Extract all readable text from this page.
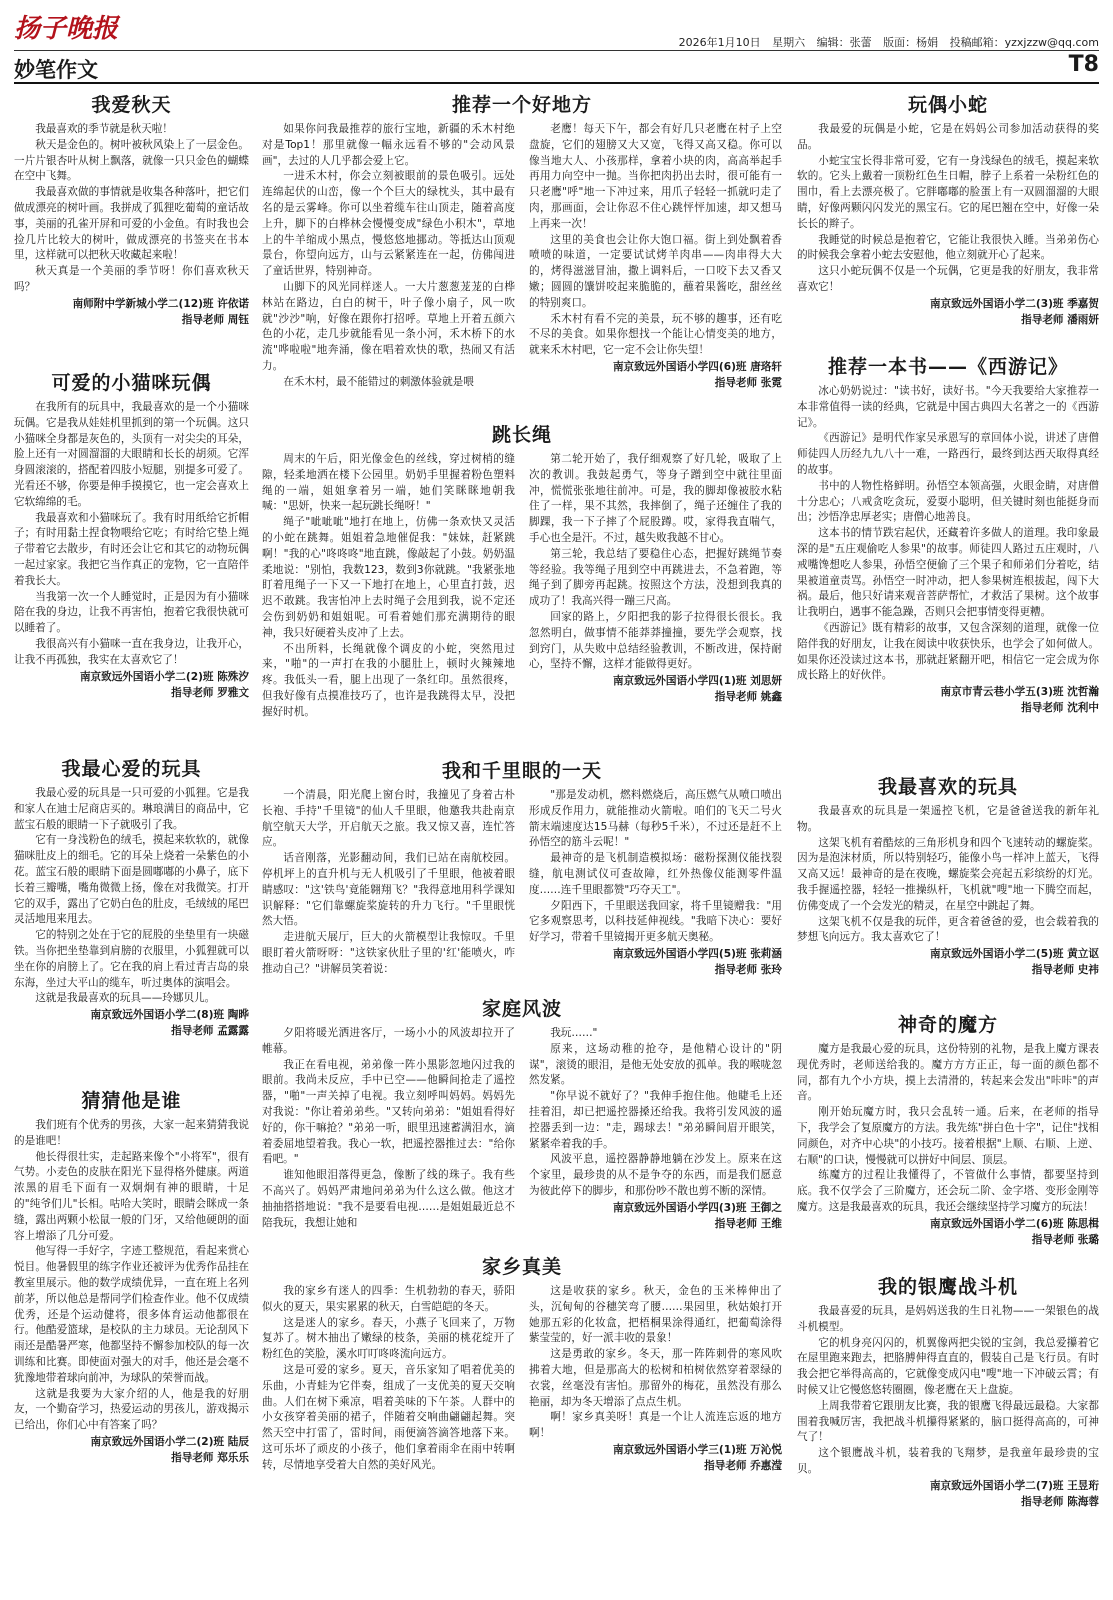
扬子晚报	2026年1月10日 星期六 编辑：张蕾 版面：杨娟 投稿邮箱：yzxjzzw@qq.com
妙笔作文	T8
我爱秋天

我最喜欢的季节就是秋天啦！

秋天是金色的。树叶被秋风染上了一层金色。一片片银杏叶从树上飘落，就像一只只金色的蝴蝶在空中飞舞。

我最喜欢做的事情就是收集各种落叶，把它们做成漂亮的树叶画。我拼成了狐狸吃葡萄的童话故事，美丽的孔雀开屏和可爱的小金鱼。有时我也会捡几片比较大的树叶，做成漂亮的书签夹在书本里，这样就可以把秋天收藏起来啦！

秋天真是一个美丽的季节呀！你们喜欢秋天吗？

南师附中学新城小学二(12)班 许依诺
指导老师 周钰
可爱的小猫咪玩偶

在我所有的玩具中，我最喜欢的是一个小猫咪玩偶。它是我从娃娃机里抓到的第一个玩偶。这只小猫咪全身都是灰色的，头顶有一对尖尖的耳朵，脸上还有一对圆溜溜的大眼睛和长长的胡须。它浑身圆滚滚的，搭配着四肢小短腿，别提多可爱了。光看还不够，你要是伸手摸摸它，也一定会喜欢上它软绵绵的毛。

我最喜欢和小猫咪玩了。我有时用纸给它折帽子；有时用黏土捏食物喂给它吃；有时给它垫上绳子带着它去散步，有时还会让它和其它的动物玩偶一起过家家。我把它当作真正的宠物，它一直陪伴着我长大。

当我第一次一个人睡觉时，正是因为有小猫咪陪在我的身边，让我不再害怕，抱着它我很快就可以睡着了。

我很高兴有小猫咪一直在我身边，让我开心，让我不再孤独，我实在太喜欢它了！

南京致远外国语小学二(2)班 陈殊汐
指导老师 罗雅文
我最心爱的玩具

我最心爱的玩具是一只可爱的小狐狸。它是我和家人在迪士尼商店买的。琳琅满目的商品中，它蓝宝石般的眼睛一下子就吸引了我。

它有一身浅粉色的绒毛，摸起来软软的，就像猫咪肚皮上的细毛。它的耳朵上烧着一朵紫色的小花。蓝宝石般的眼睛下面是圆嘟嘟的小鼻子，底下长着三瓣嘴，嘴角微微上扬，像在对我微笑。打开它的双手，露出了它奶白色的肚皮，毛绒绒的尾巴灵活地甩来甩去。

它的特别之处在于它的屁股的坐垫里有一块磁铁。当你把坐垫靠到肩膀的衣服里，小狐狸就可以坐在你的肩膀上了。它在我的肩上看过青吉岛的泉东海，坐过大平山的缆车，听过奥体的演唱会。

这就是我最喜欢的玩具——玲娜贝儿。

南京致远外国语小学二(8)班 陶晔
指导老师 孟露露
猜猜他是谁

我们班有个优秀的男孩，大家一起来猜猜我说的是谁吧！

他长得很壮实，走起路来像个"小将军"，很有气势。小麦色的皮肤在阳光下显得格外健康。两道浓黑的眉毛下面有一双炯炯有神的眼睛，十足的"纯爷们儿"长相。咕哈大笑时，眼睛会眯成一条缝，露出两颗小松鼠一般的门牙，又给他硬朗的面容上增添了几分可爱。

他写得一手好字，字迹工整规范，看起来赏心悦目。他暑假里的练字作业还被评为优秀作品挂在教室里展示。他的数学成绩优异，一直在班上名列前茅，所以他总是帮同学们检查作业。他不仅成绩优秀，还是个运动健将，很多体育运动他都很在行。他酷爱篮球，是校队的主力球员。无论刮风下雨还是酷暑严寒，他都坚持不懈参加校队的每一次训练和比赛。即使面对强大的对手，他还是会毫不犹豫地带着球向前冲，为球队的荣誉而战。

这就是我要为大家介绍的人，他是我的好朋友，一个勤奋学习，热爱运动的男孩儿，游戏揭示已给出，你们心中有答案了吗？

南京致远外国语小学二(2)班 陆辰
指导老师 郑乐乐
推荐一个好地方

如果你问我最推荐的旅行宝地，新疆的禾木村绝对是Top1！那里就像一幅永远看不够的"会动风景画"，去过的人几乎都会爱上它。

一进禾木村，你会立刻被眼前的景色吸引。远处连绵起伏的山峦，像一个个巨大的绿枕头，其中最有名的是云雾峰。你可以坐着缆车往山顶走，随着高度上升，脚下的白桦林会慢慢变成"绿色小积木"，草地上的牛羊缩成小黑点，慢悠悠地挪动。等抵达山顶观景台，你望向远方，山与云紧紧连在一起，仿佛闯进了童话世界，特别神奇。

山脚下的风光同样迷人。一大片葱葱茏茏的白桦林站在路边，白白的树干，叶子像小扇子，风一吹就"沙沙"响，好像在跟你打招呼。草地上开着五颜六色的小花，走几步就能看见一条小河，禾木桥下的水流"哗啦啦"地奔涌，像在唱着欢快的歌，热闹又有活力。

在禾木村，最不能错过的刺激体验就是喂

老鹰！每天下午，都会有好几只老鹰在村子上空盘旋，它们的翅膀又大又宽，飞得又高又稳。你可以像当地大人、小孩那样，拿着小块的肉，高高举起手再用力向空中一抛。当你把肉扔出去时，很可能有一只老鹰"呼"地一下冲过来，用爪子轻轻一抓就叼走了肉，那画面，会让你忍不住心跳怦怦加速，却又想马上再来一次！

这里的美食也会让你大饱口福。街上到处飘着香喷喷的味道，一定要试试烤羊肉串——肉串得大大的，烤得滋滋冒油，撒上调料后，一口咬下去又香又嫩；圆圆的馕饼咬起来脆脆的，蘸着果酱吃，甜丝丝的特别爽口。

禾木村有看不完的美景，玩不够的趣事，还有吃不尽的美食。如果你想找一个能让心情变美的地方，就来禾木村吧，它一定不会让你失望！

南京致远外国语小学四(6)班 唐珞轩
指导老师 张霓
跳长绳

周末的午后，阳光像金色的丝线，穿过树梢的缝隙，轻柔地洒在楼下公园里。奶奶手里握着粉色塑料绳的一端，姐姐拿着另一端，她们笑眯眯地朝我喊："思妍，快来一起玩跳长绳呀！"

绳子"呲呲呲"地打在地上，仿佛一条欢快又灵活的小蛇在跳舞。姐姐着急地催促我："妹妹，赶紧跳啊！"我的心"咚咚咚"地直跳，像敲起了小鼓。奶奶温柔地说："别怕，我数123，数到3你就跳。"我紧张地盯着甩绳子一下又一下地打在地上，心里直打鼓，迟迟不敢跳。我害怕冲上去时绳子会甩到我，说不定还会伤到奶奶和姐姐呢。可看着她们那充满期待的眼神，我只好硬着头皮冲了上去。

不出所料，长绳就像个调皮的小蛇，突然甩过来，"啪"的一声打在我的小腿肚上，顿时火辣辣地疼。我低头一看，腿上出现了一条红印。虽然很疼，但我好像有点摸准技巧了，也许是我跳得太早，没把握好时机。

第二轮开始了，我仔细观察了好几轮，吸取了上次的教训。我鼓起勇气，等身子蹭到空中就往里面冲，慌慌张张地往前冲。可是，我的脚却像被胶水粘住了一样，果不其然，我摔倒了，绳子还缠住了我的脚踝，我一下子摔了个屁股蹲。哎，家得我直喘气，手心也全是汗。不过，越失败我越不甘心。

第三轮，我总结了要稳住心态，把握好跳绳节奏等经验。我等绳子甩到空中再跳进去，不急着跑，等绳子到了脚旁再起跳。按照这个方法，没想到我真的成功了！我高兴得一蹦三尺高。

回家的路上，夕阳把我的影子拉得很长很长。我忽然明白，做事情不能莽莽撞撞，要先学会观察，找到窍门，从失败中总结经验教训，不断改进，保持耐心，坚持不懈，这样才能做得更好。

南京致远外国语小学四(1)班 刘思妍
指导老师 姚鑫
我和千里眼的一天

一个清晨，阳光爬上窗台时，我撞见了身着古朴长袍、手持"千里镜"的仙人千里眼，他邀我共赴南京航空航天大学，开启航天之旅。我又惊又喜，连忙答应。

话音刚落，光影翻动间，我们已站在南航校园。停机坪上的直升机与无人机吸引了千里眼，他被着眼睛感叹："这'铁鸟'竟能翱翔飞？"我得意地用科学课知识解释："它们靠螺旋桨旋转的升力飞行。"千里眼恍然大悟。

走进航天展厅，巨大的火箭模型让我惊叹。千里眼盯着火箭呀呀："这铁家伙肚子里的'红'能喷火，咋推动自己？"讲解员笑着说：

"那是发动机，燃料燃烧后，高压燃气从喷口喷出形成反作用力，就能推动火箭啦。咱们的飞天二号火箭末端速度达15马赫（每秒5千米），不过还是赶不上孙悟空的筋斗云呢！"

最神奇的是飞机制造模拟场：磁粉探测仪能找裂缝，航电测试仪可查故障，红外热像仪能测零件温度……连千里眼都赞"巧夺天工"。

夕阳西下，千里眼送我回家，将千里镜赠我："用它多观察思考，以科技延伸视线。"我暗下决心：要好好学习，带着千里镜揭开更多航天奥秘。

南京致远外国语小学四(5)班 张莉涵
指导老师 张玲
家庭风波

夕阳将暖光洒进客厅，一场小小的风波却拉开了帷幕。

我正在看电视，弟弟像一阵小黑影忽地闪过我的眼前。我尚未反应，手中已空——他瞬间抢走了遥控器，"啪"一声关掉了电视。我立刻呼叫妈妈。妈妈先对我说："你让着弟弟些。"又转向弟弟："姐姐看得好好的，你干嘛抢？"弟弟一听，眼里迅速蓄满泪水，滴着委屈地望着我。我心一软，把遥控器推过去："给你看吧。"

谁知他眼泪落得更急，像断了线的珠子。我有些不高兴了。妈妈严肃地问弟弟为什么这么做。他这才抽抽搭搭地说："我不是要看电视……是姐姐最近总不陪我玩，我想让她和

我玩……"

原来，这场动稚的抢夺，是他精心设计的"阴谋"，滚烫的眼泪，是他无处安放的孤单。我的喉咙忽然发紧。

"你早说不就好了？"我伸手抱住他。他睫毛上还挂着泪，却已把遥控器搡还给我。我将引发风波的遥控器丢到一边："走，踢球去！"弟弟瞬间眉开眼笑，紧紧牵着我的手。

风波平息，遥控器静静地躺在沙发上。原来在这个家里，最珍贵的从不是争夺的东西，而是我们愿意为彼此停下的脚步，和那份吵不散也剪不断的深情。

南京致远外国语小学四(3)班 王御之
指导老师 王维
家乡真美

我的家乡有迷人的四季：生机勃勃的春天，骄阳似火的夏天，果实累累的秋天，白雪皑皑的冬天。

这是迷人的家乡。春天，小燕子飞回来了，万物复苏了。树木抽出了嫩绿的枝条，美丽的桃花绽开了粉红色的笑脸，溪水叮叮咚咚流向远方。

这是可爱的家乡。夏天，音乐家知了唱着优美的乐曲，小青蛙为它伴奏，组成了一支优美的夏天交响曲。人们在树下乘凉，唱着美味的下午茶。人群中的小女孩穿着美丽的裙子，伴随着交响曲翩翩起舞。突然天空中打雷了，雷时间，雨便滴答滴答地落下来。这可乐坏了顽皮的小孩子，他们拿着雨伞在雨中转啊转，尽情地享受着大自然的美好风光。

这是收获的家乡。秋天，金色的玉米棒伸出了头，沉甸甸的谷穗笑弯了腰……果园里，秋姑娘打开她那五彩的化妆盒，把梧桐果涂得通红，把葡萄涂得紫莹莹的，好一派丰收的景象！

这是勇敢的家乡。冬天，那一阵阵刺骨的寒风吹拂着大地，但是那高大的松树和柏树依然穿着翠绿的衣裳，丝毫没有害怕。那留外的梅花，虽然没有那么艳丽，却为冬天增添了点点生机。

啊！家乡真美呀！真是一个让人流连忘返的地方啊！

南京致远外国语小学三(1)班 万沁悦
指导老师 乔惠滢
玩偶小蛇

我最爱的玩偶是小蛇，它是在妈妈公司参加活动获得的奖品。

小蛇宝宝长得非常可爱，它有一身浅绿色的绒毛，摸起来软软的。它头上戴着一顶粉红色生日帽，脖子上系着一朵粉红色的围巾，看上去漂亮极了。它胖嘟嘟的脸蛋上有一双圆溜溜的大眼睛，好像两颗闪闪发光的黑宝石。它的尾巴翘在空中，好像一朵长长的辫子。

我睡觉的时候总是抱着它，它能让我很快入睡。当弟弟伤心的时候我会拿着小蛇去安慰他，他立刻就开心了起来。

这只小蛇玩偶不仅是一个玩偶，它更是我的好朋友，我非常喜欢它！

南京致远外国语小学二(3)班 季嘉贺
指导老师 潘雨妍
推荐一本书——《西游记》

冰心奶奶说过："读书好，读好书。"今天我要给大家推荐一本非常值得一读的经典，它就是中国古典四大名著之一的《西游记》。

《西游记》是明代作家吴承恩写的章回体小说，讲述了唐僧师徒四人历经九九八十一难，一路西行，最终到达西天取得真经的故事。

书中的人物性格鲜明。孙悟空本领高强，火眼金睛，对唐僧十分忠心；八戒贪吃贪玩，爱耍小聪明，但关键时刻也能挺身而出；沙悟净忠厚老实；唐僧心地善良。

这本书的情节跌宕起伏，还藏着许多做人的道理。我印象最深的是"五庄观偷吃人参果"的故事。师徒四人路过五庄观时，八戒嘴馋想吃人参果，孙悟空便偷了三个果子和师弟们分着吃，结果被道童责骂。孙悟空一时冲动，把人参果树连根拔起，闯下大祸。最后，他只好请来观音菩萨帮忙，才救活了果树。这个故事让我明白，遇事不能急躁，否则只会把事情变得更糟。

《西游记》既有精彩的故事，又包含深刻的道理，就像一位陪伴我的好朋友，让我在阅读中收获快乐，也学会了如何做人。如果你还没读过这本书，那就赶紧翻开吧，相信它一定会成为你成长路上的好伙伴。

南京市青云巷小学五(3)班 沈哲瀚
指导老师 沈利中
我最喜欢的玩具

我最喜欢的玩具是一架遥控飞机，它是爸爸送我的新年礼物。

这架飞机有着酷炫的三角形机身和四个飞速转动的螺旋桨。因为是泡沫材质，所以特别轻巧，能像小鸟一样冲上蓝天，飞得又高又远！最神奇的是在夜晚，螺旋桨会亮起五彩缤纷的灯光。我手握遥控器，轻轻一推操纵杆，飞机就"嗖"地一下腾空而起，仿佛变成了一个会发光的精灵，在星空中跳起了舞。

这架飞机不仅是我的玩伴，更含着爸爸的爱，也会载着我的梦想飞向远方。我太喜欢它了！

南京致远外国语小学二(5)班 黄立讴
指导老师 史祎
神奇的魔方

魔方是我最心爱的玩具，这份特别的礼物，是我上魔方课表现优秀时，老师送给我的。魔方方方正正，每一面的颜色都不同，都有九个小方块，摸上去清滑的，转起来会发出"咔咔"的声音。

刚开始玩魔方时，我只会乱转一通。后来，在老师的指导下，我学会了复原魔方的方法。我先练"拼白色十字"，记住"找相同颜色，对齐中心块"的小技巧。接着根据"上顺、右顺、上逆、右顺"的口诀，慢慢就可以拼好中间层、顶层。

练魔方的过程让我懂得了，不管做什么事情，都要坚持到底。我不仅学会了三阶魔方，还会玩二阶、金字塔、变形金刚等魔方。这是我最喜欢的玩具，我还会继续坚持学习魔方的玩法！

南京致远外国语小学二(6)班 陈思楫
指导老师 张璐
我的银鹰战斗机

我最喜爱的玩具，是妈妈送我的生日礼物——一架银色的战斗机模型。

它的机身亮闪闪的，机翼像两把尖锐的宝剑，我总爱攥着它在屋里跑来跑去，把胳膊伸得直直的，假装自己是飞行员。有时我会把它举得高高的，它就像变成闪电"嗖"地一下冲破云霄；有时候又让它慢悠悠转圈圈，像老鹰在天上盘旋。

上周我带着它跟朋友比赛，我的银鹰飞得最远最稳。大家都围着我喊厉害，我把战斗机攥得紧紧的，脑口挺得高高的，可神气了！

这个银鹰战斗机，装着我的飞翔梦，是我童年最珍贵的宝贝。

南京致远外国语小学二(7)班 王昱珩
指导老师 陈海蓉
